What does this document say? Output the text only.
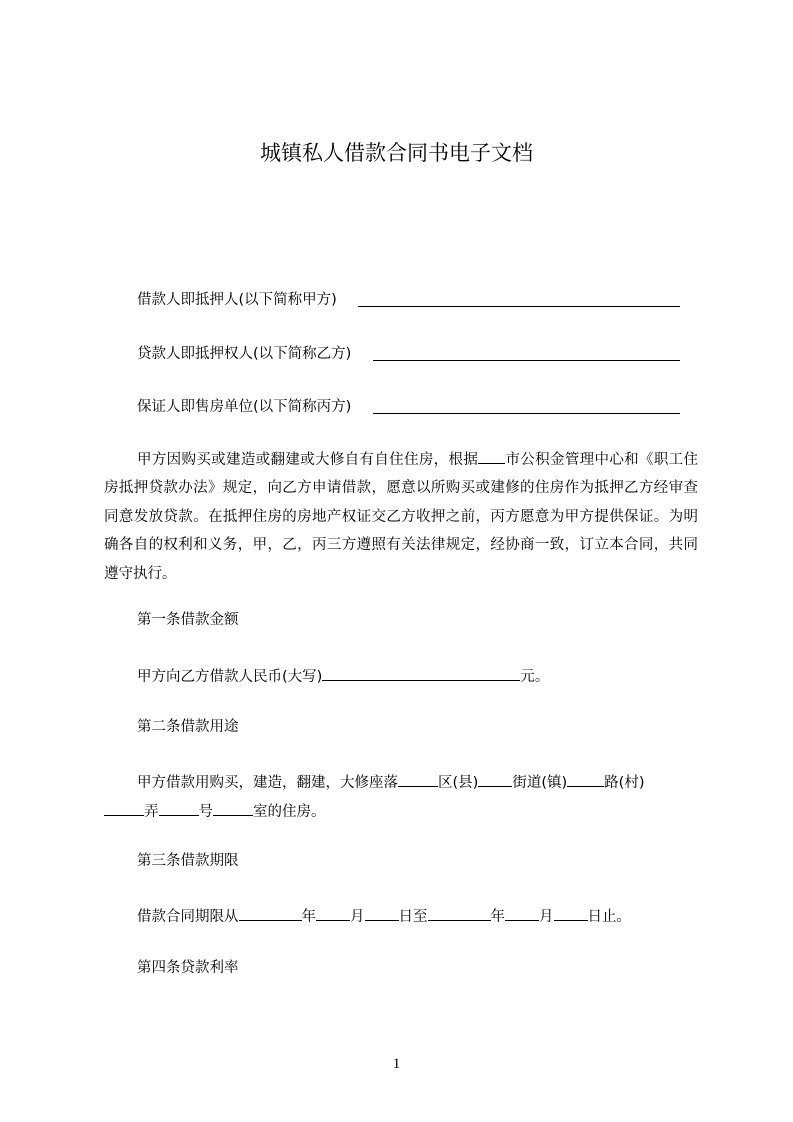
城镇私人借款合同书电子文档
借款人即抵押人(以下简称甲方)
贷款人即抵押权人(以下简称乙方)
保证人即售房单位(以下简称丙方)
甲方因购买或建造或翻建或大修自有自住住房，根据 市公积金管理中心和《职工住房抵押贷款办法》规定，向乙方申请借款，愿意以所购买或建修的住房作为抵押乙方经审查同意发放贷款。在抵押住房的房地产权证交乙方收押之前，丙方愿意为甲方提供保证。为明确各自的权利和义务，甲，乙，丙三方遵照有关法律规定，经协商一致，订立本合同，共同遵守执行。
第一条借款金额
甲方向乙方借款人民币(大写)	元。
第二条借款用途
甲方借款用购买，建造，翻建，大修座落	区(县) 街道(镇)	路(村)
弄	号	室的住房。
第三条借款期限
借款合同期限从	年 月 日至	年 月 日止。
第四条贷款利率
1
